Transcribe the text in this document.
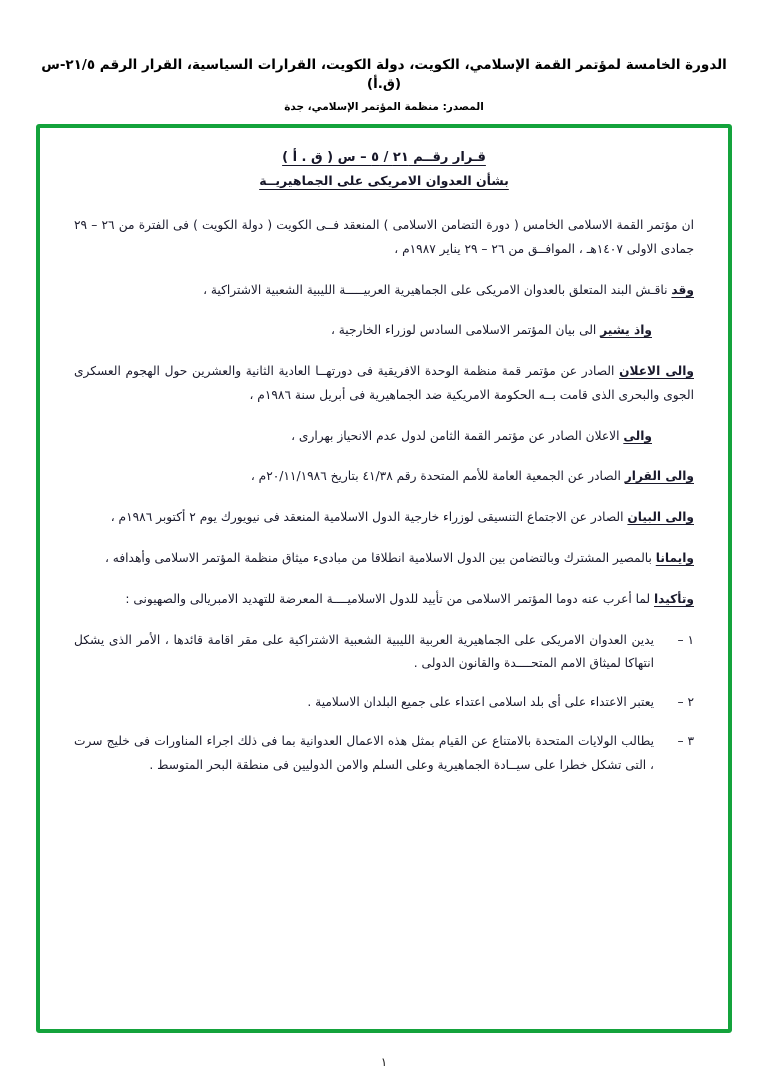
الدورة الخامسة لمؤتمر القمة الإسلامي، الكويت، دولة الكويت، القرارات السياسية، القرار الرقم ٢١/٥-س (ق.أ)
المصدر: ‏منظمة المؤتمر الإسلامي، جدة
قـرار رقــم ٢١ / ٥ – س ( ق . أ )
بشأن العدوان الامريكى على الجماهيريــة

ان مؤتمر القمة الاسلامى الخامس ( دورة التضامن الاسلامى ) المنعقد فــى الكويت ( دولة الكويت ) فى الفترة من ٢٦ – ٢٩ جمادى الاولى ١٤٠٧هـ ، الموافــق من ٢٦ – ٢٩ يناير ١٩٨٧م ،

وقد ناقـش البند المتعلق بالعدوان الامريكى على الجماهيرية العربيـــــة الليبية الشعبية الاشتراكية ،

واذ يشير الى بيان المؤتمر الاسلامى السادس لوزراء الخارجية ،

والى الاعلان الصادر عن مؤتمر قمة منظمة الوحدة الافريقية فى دورتهــا العادية الثانية والعشرين حول الهجوم العسكرى الجوى والبحرى الذى قامت بــه الحكومة الامريكية ضد الجماهيرية فى أبريل سنة ١٩٨٦م ،

والى الاعلان الصادر عن مؤتمر القمة الثامن لدول عدم الانحياز بهرارى ،

والى القرار الصادر عن الجمعية العامة للأمم المتحدة رقم ٤١/٣٨ بتاريخ ٢٠/١١/١٩٨٦م ،

والى البيان الصادر عن الاجتماع التنسيقى لوزراء خارجية الدول الاسلامية المنعقد فى نيويورك يوم ٢ أكتوبر ١٩٨٦م ،

وايمانا بالمصير المشترك وبالتضامن بين الدول الاسلامية انطلاقا من مبادىء ميثاق منظمة المؤتمر الاسلامى وأهدافه ،

وتأكيدا لما أعرب عنه دوما المؤتمر الاسلامى من تأييد للدول الاسلاميــــة المعرضة للتهديد الامبريالى والصهيونى :

١ –
يدين العدوان الامريكى على الجماهيرية العربية الليبية الشعبية الاشتراكية على مقر اقامة قائدها ، الأمر الذى يشكل انتهاكا لميثاق الامم المتحــــدة والقانون الدولى .
٢ –
يعتبر الاعتداء على أى بلد اسلامى اعتداء على جميع البلدان الاسلامية .
٣ –
يطالب الولايات المتحدة بالامتناع عن القيام بمثل هذه الاعمال العدوانية بما فى ذلك اجراء المناورات فى خليج سرت ، التى تشكل خطرا على سيــادة الجماهيرية وعلى السلم والامن الدوليين فى منطقة البحر المتوسط .
١
